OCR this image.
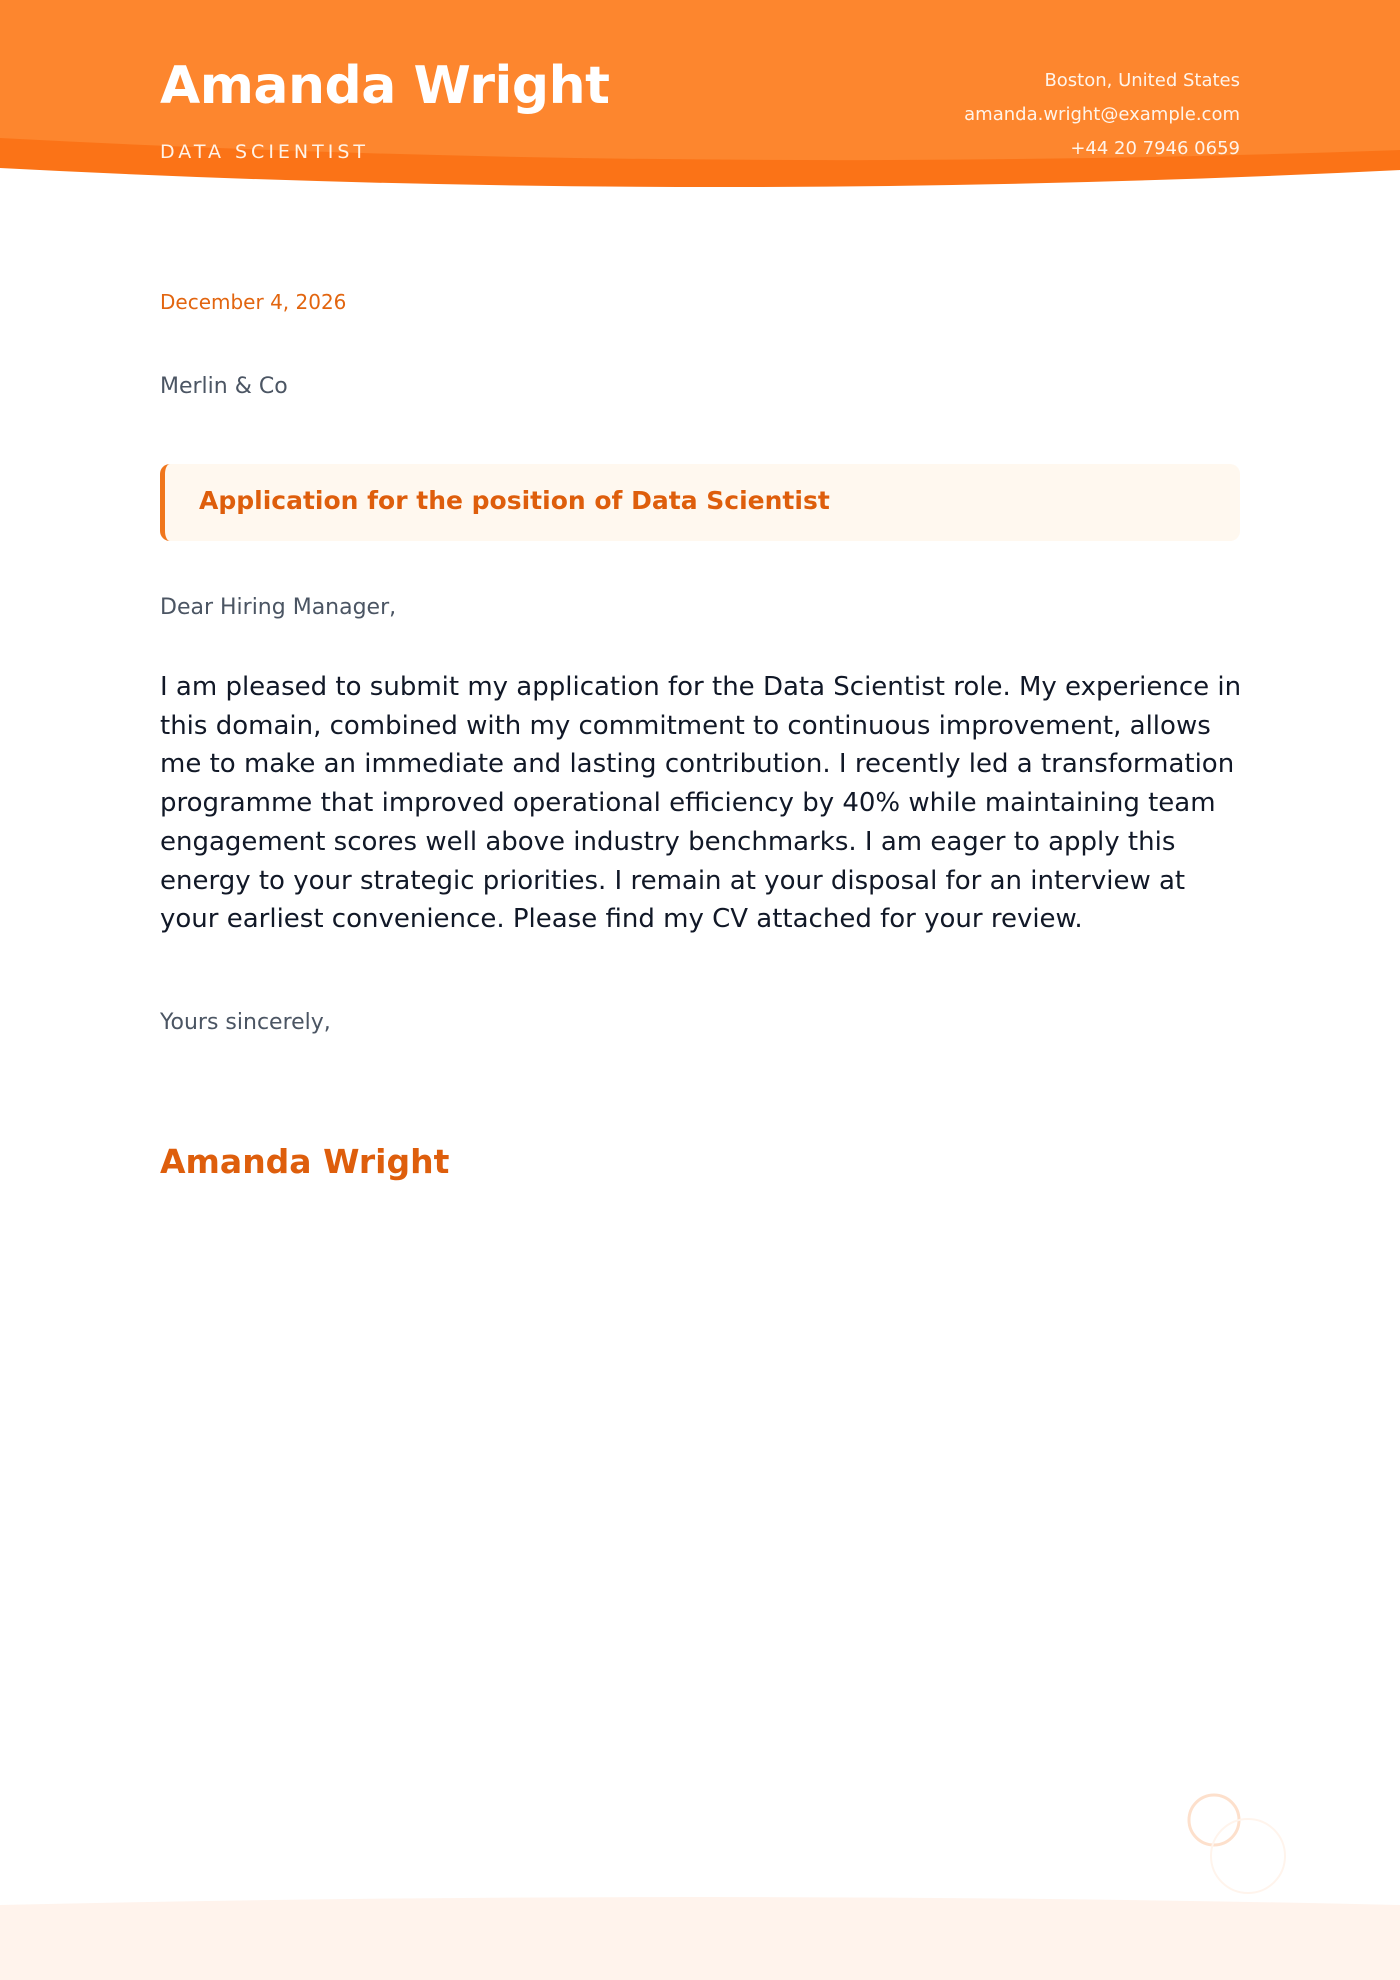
Amanda Wright
DATA SCIENTIST
Boston, United States
amanda.wright@example.com
+44 20 7946 0659
December 4, 2026
Merlin & Co
Application for the position of Data Scientist
Dear Hiring Manager,

I am pleased to submit my application for the Data Scientist role. My experience in this domain, combined with my commitment to continuous improvement, allows me to make an immediate and lasting contribution. I recently led a transformation programme that improved operational efficiency by 40% while maintaining team engagement scores well above industry benchmarks. I am eager to apply this energy to your strategic priorities. I remain at your disposal for an interview at your earliest convenience. Please find my CV attached for your review.

Yours sincerely,
Amanda Wright
